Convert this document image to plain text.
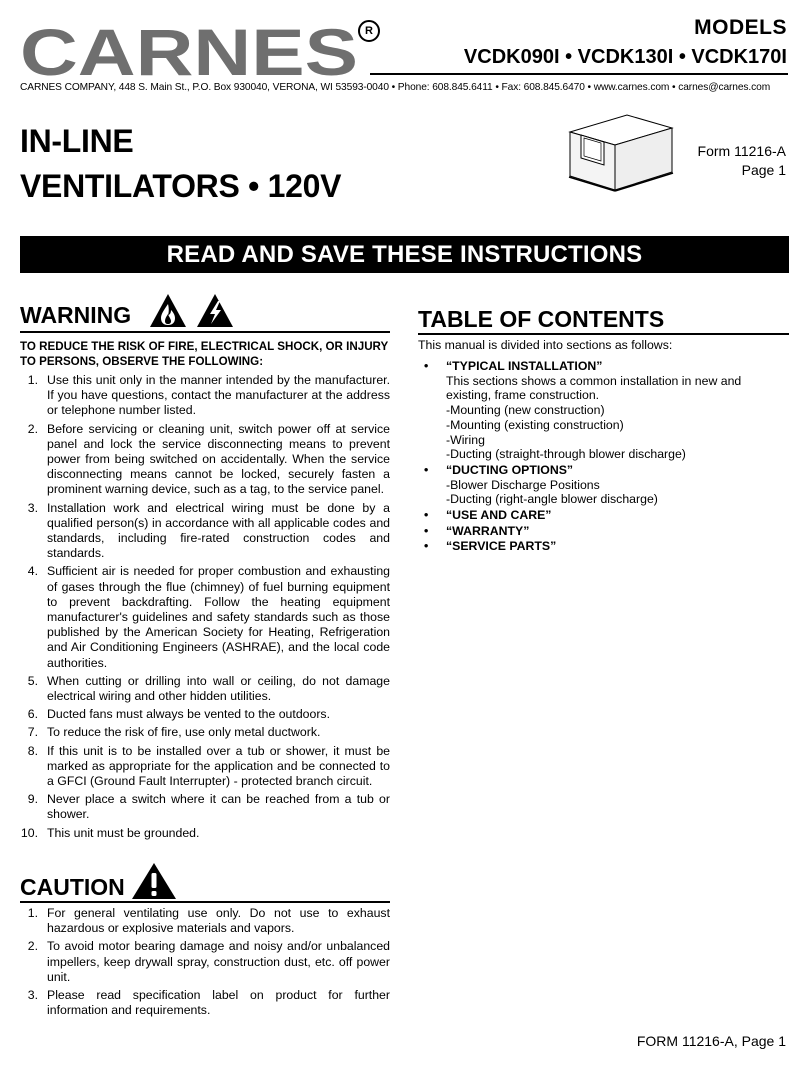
CARNES R	MODELS
VCDK090I • VCDK130I • VCDK170I
CARNES COMPANY, 448 S. Main St., P.O. Box 930040, VERONA, WI 53593-0040 • Phone: 608.845.6411 • Fax: 608.845.6470 • www.carnes.com • carnes@carnes.com
IN-LINE
VENTILATORS • 120V
Form 11216-A
Page 1
READ AND SAVE THESE INSTRUCTIONS
WARNING
TO REDUCE THE RISK OF FIRE, ELECTRICAL SHOCK, OR INJURY TO PERSONS, OBSERVE THE FOLLOWING:
1. Use this unit only in the manner intended by the manufacturer. If you have questions, contact the manufacturer at the address or telephone number listed.
2. Before servicing or cleaning unit, switch power off at service panel and lock the service disconnecting means to prevent power from being switched on accidentally. When the service disconnecting means cannot be locked, securely fasten a prominent warning device, such as a tag, to the service panel.
3. Installation work and electrical wiring must be done by a qualified person(s) in accordance with all applicable codes and standards, including fire-rated construction codes and standards.
4. Sufficient air is needed for proper combustion and exhausting of gases through the flue (chimney) of fuel burning equipment to prevent backdrafting. Follow the heating equipment manufacturer's guidelines and safety standards such as those published by the American Society for Heating, Refrigeration and Air Conditioning Engineers (ASHRAE), and the local code authorities.
5. When cutting or drilling into wall or ceiling, do not damage electrical wiring and other hidden utilities.
6. Ducted fans must always be vented to the outdoors.
7. To reduce the risk of fire, use only metal ductwork.
8. If this unit is to be installed over a tub or shower, it must be marked as appropriate for the application and be connected to a GFCI (Ground Fault Interrupter) - protected branch circuit.
9. Never place a switch where it can be reached from a tub or shower.
10. This unit must be grounded.
CAUTION
1. For general ventilating use only. Do not use to exhaust hazardous or explosive materials and vapors.
2. To avoid motor bearing damage and noisy and/or unbalanced impellers, keep drywall spray, construction dust, etc. off power unit.
3. Please read specification label on product for further information and requirements.
TABLE OF CONTENTS
This manual is divided into sections as follows:
• “TYPICAL INSTALLATION”
This sections shows a common installation in new and existing, frame construction.
-Mounting (new construction)
-Mounting (existing construction)
-Wiring
-Ducting (straight-through blower discharge)
• “DUCTING OPTIONS”
-Blower Discharge Positions
-Ducting (right-angle blower discharge)
• “USE AND CARE”
• “WARRANTY”
• “SERVICE PARTS”
FORM 11216-A, Page 1
